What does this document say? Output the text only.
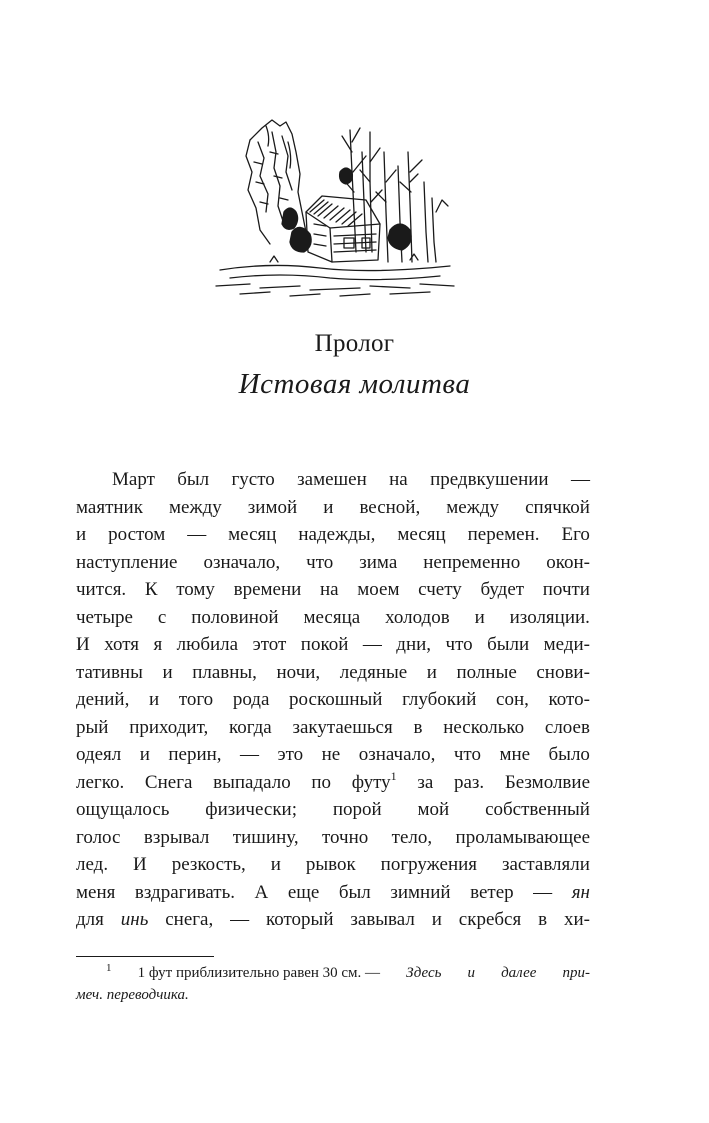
Пролог
Истовая молитва
Март был густо замешен на предвкушении —
маятник между зимой и весной, между спячкой
и ростом — месяц надежды, месяц перемен. Его
наступление означало, что зима непременно окон-
чится. К тому времени на моем счету будет почти
четыре с половиной месяца холодов и изоляции.
И хотя я любила этот покой — дни, что были меди-
тативны и плавны, ночи, ледяные и полные снови-
дений, и того рода роскошный глубокий сон, кото-
рый приходит, когда закутаешься в несколько слоев
одеял и перин, — это не означало, что мне было
легко. Снега выпадало по футу$^1$ за раз. Безмолвие
ощущалось физически; порой мой собственный
голос взрывал тишину, точно тело, проламывающее
лед. И резкость, и рывок погружения заставляли
меня вздрагивать. А еще был зимний ветер — ян
для инь снега, — который завывал и скребся в хи-
$^1$ 1 фут приблизительно равен 30 см. — Здесь и далее при-
меч. переводчика.
